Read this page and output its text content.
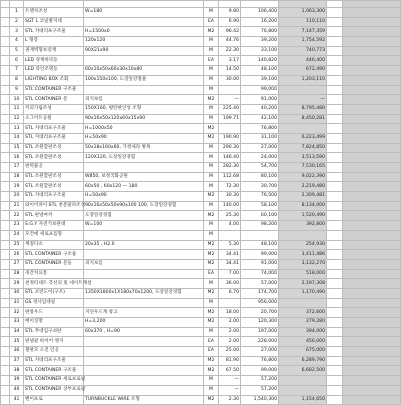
	1	트랜치조성	W=180	M	9.80	106,400	1,063,300		
	2	SGT L 코일방지대		EA	6.90	16,200	110,110		
	3	STL 지대리프구조물	H=1500x0	M2	96.42	76,800	7,147,359		
	4	L 형강	120x120	M	44.76	39,200	1,754,592		
	5	권재벽형보강재	90X21x90	M	22.30	33,100	740,773		
	6	LED 경계바닥등		EA	3.17	140,820	446,400		
	7	LED 라인조명등	60x10x50x60x30x10x80	M	14.50	48,100	672,490		
	8	LIGHTING BOX 조화	100x150x100, 도장잎강철물	M	30.00	39,100	1,203,110		
	9	STL CONTAINER 구조물		M		99,000			
	10	STL CONTAINER 문	피지보름	M2	—	91,000	—		
	11	커피가림조성	150X160, 평탄판인성 조형	M	225.40	40,200	8,795,480		
	12	소그어트공원	90x16x50x120x60x15x90	M	199.71	42,100	8,450,281		
	13	STL 지대리프구조물	H=1000x50	M2		76,800			
	14	STL 지대리프구조물	H=50x90	M2	190.90	31,100	6,223,499		
	15	STL 조원할판조성	50x18x160x60, 가정새라 방목	M	290.30	27,000	7,824,850		
	16	STL 조원할판조성	120X120, 도장잎강경혈	M	146.40	24,000	3,513,590		
	17	판력물공		M	282.30	54,700	7,530,165		
	18	STL 조원할판조성	W850, 보정국화공원	M	112.68	80,100	9,022,390		
	19	STL 조원할판조성	60x50 , 60x120 — 180	M	72.30	30,700	2,219,480		
	20	STL 지대리프구조물	H=50x90	M2	30.30	76,500	2,309,481		
	21	와이어파이 STL 천문말파조성	90x16x50x50x90x100 100, 도장잎강경혈	M	140.00	58,100	8,134,000		
	22	STL 판넬마커	도장잎강경혈	M2	25.30	60,100	1,520,490		
	23	S.G.Y 자전거보관대	W=100	M	4.00	98,200	392,800		
	24	모건에 세로프를형		M					
	25	계절다츠	20x35 , H2.0	M2	5.30	48,100	254,930		
	26	STL CONTAINER 구조물		M2	34.41	99,000	3,411,486		
	27	STL CONTAINER 문들	피지보름	M2	34.41	91,000	3,132,270		
	28	경간커요통		EA	7.00	74,000	518,000		
	29	천정티네트 측선의 및 세이트계설		M	36.00	57,000	2,197,308		
	30	STL 포빈도어(구조)	1350X1800x1X180x70x1200, 도장잎강경혈	M2	6.70	174,700	1,170,490		
	31	GS 경사입대실		M		956,000			
	32	판창우드	지연우드계 창고	M2	18.00	20,700	372,600		
	33	베이징망	H=3,200	M2	2.00	120,300	279,280		
	34	STL 무대입구쇠판	60x370 , H=90	M	2.00	197,000	394,000		
	35	판넬쿨 바이어 엣지		EA	2.00	228,000	456,000		
	36	철판모 소진 인공		EA	25.00	27,000	675,000		
	37	STL 지대리프구조물		M2	81.90	76,800	6,289,790		
	38	STL CONTAINER 구조물		M2	67.50	99,000	6,682,500		
	39	STL CONTAINER 세로프로필		M	—	57,200			
	40	STL CONTAINER 상부프로필		M	—	57,200			
	41	밴이프로	TURNBUCKLE WIRE 조형	M2	2.30	1,540,300	1,154,650		
